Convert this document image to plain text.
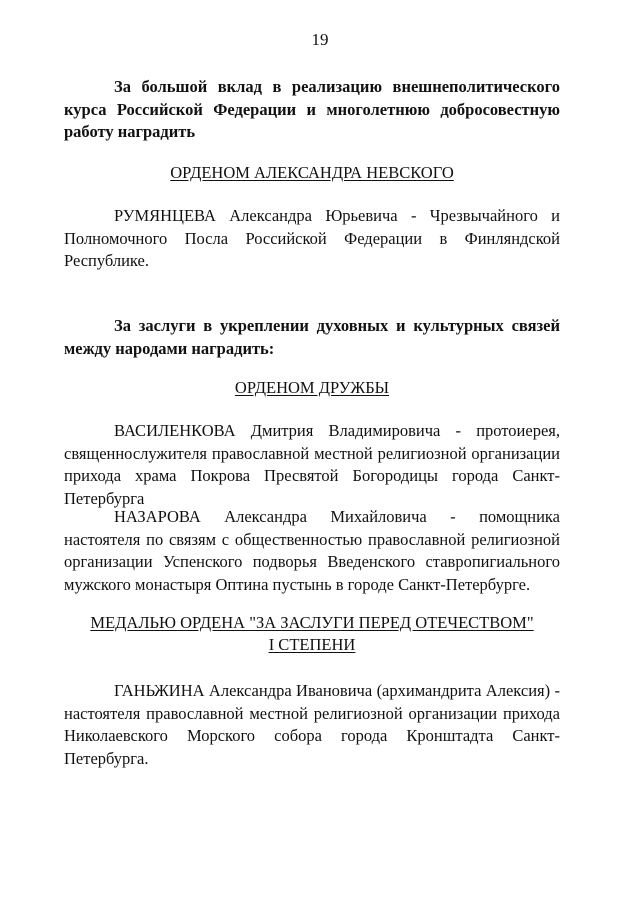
19

За большой вклад в реализацию внешнеполитического курса Российской Федерации и многолетнюю добросовестную работу наградить

ОРДЕНОМ АЛЕКСАНДРА НЕВСКОГО

РУМЯНЦЕВА Александра Юрьевича - Чрезвычайного и Полномочного Посла Российской Федерации в Финляндской Республике.

За заслуги в укреплении духовных и культурных связей между народами наградить:

ОРДЕНОМ ДРУЖБЫ

ВАСИЛЕНКОВА Дмитрия Владимировича - протоиерея, священнослужителя православной местной религиозной организации прихода храма Покрова Пресвятой Богородицы города Санкт-Петербурга

НАЗАРОВА Александра Михайловича - помощника настоятеля по связям с общественностью православной религиозной организации Успенского подворья Введенского ставропигиального мужского монастыря Оптина пустынь в городе Санкт-Петербурге.

МЕДАЛЬЮ ОРДЕНА "ЗА ЗАСЛУГИ ПЕРЕД ОТЕЧЕСТВОМ"
I СТЕПЕНИ

ГАНЬЖИНА Александра Ивановича (архимандрита Алексия) - настоятеля православной местной религиозной организации прихода Николаевского Морского собора города Кронштадта Санкт-Петербурга.
